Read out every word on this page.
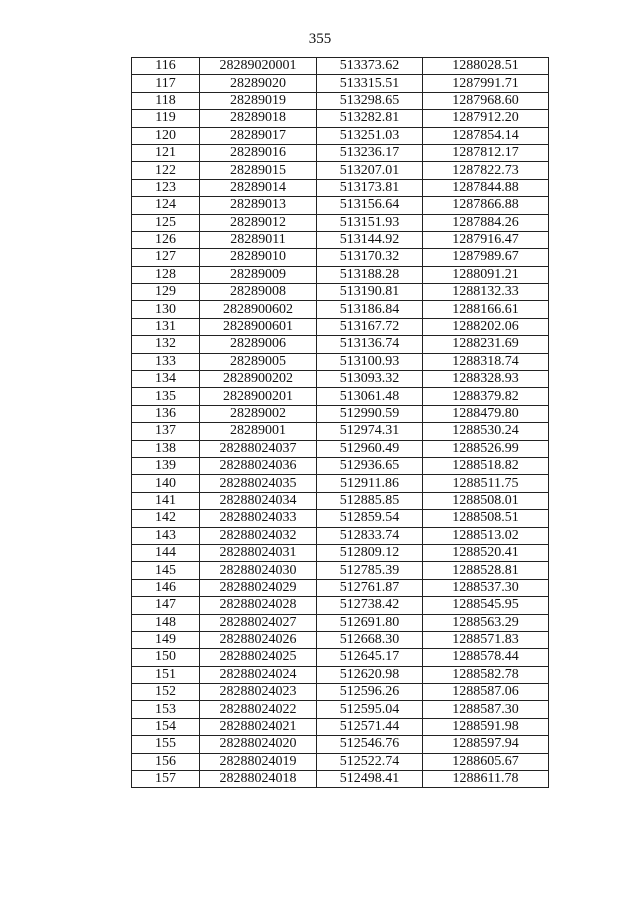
355
116	28289020001	513373.62	1288028.51
117	28289020	513315.51	1287991.71
118	28289019	513298.65	1287968.60
119	28289018	513282.81	1287912.20
120	28289017	513251.03	1287854.14
121	28289016	513236.17	1287812.17
122	28289015	513207.01	1287822.73
123	28289014	513173.81	1287844.88
124	28289013	513156.64	1287866.88
125	28289012	513151.93	1287884.26
126	28289011	513144.92	1287916.47
127	28289010	513170.32	1287989.67
128	28289009	513188.28	1288091.21
129	28289008	513190.81	1288132.33
130	2828900602	513186.84	1288166.61
131	2828900601	513167.72	1288202.06
132	28289006	513136.74	1288231.69
133	28289005	513100.93	1288318.74
134	2828900202	513093.32	1288328.93
135	2828900201	513061.48	1288379.82
136	28289002	512990.59	1288479.80
137	28289001	512974.31	1288530.24
138	28288024037	512960.49	1288526.99
139	28288024036	512936.65	1288518.82
140	28288024035	512911.86	1288511.75
141	28288024034	512885.85	1288508.01
142	28288024033	512859.54	1288508.51
143	28288024032	512833.74	1288513.02
144	28288024031	512809.12	1288520.41
145	28288024030	512785.39	1288528.81
146	28288024029	512761.87	1288537.30
147	28288024028	512738.42	1288545.95
148	28288024027	512691.80	1288563.29
149	28288024026	512668.30	1288571.83
150	28288024025	512645.17	1288578.44
151	28288024024	512620.98	1288582.78
152	28288024023	512596.26	1288587.06
153	28288024022	512595.04	1288587.30
154	28288024021	512571.44	1288591.98
155	28288024020	512546.76	1288597.94
156	28288024019	512522.74	1288605.67
157	28288024018	512498.41	1288611.78
